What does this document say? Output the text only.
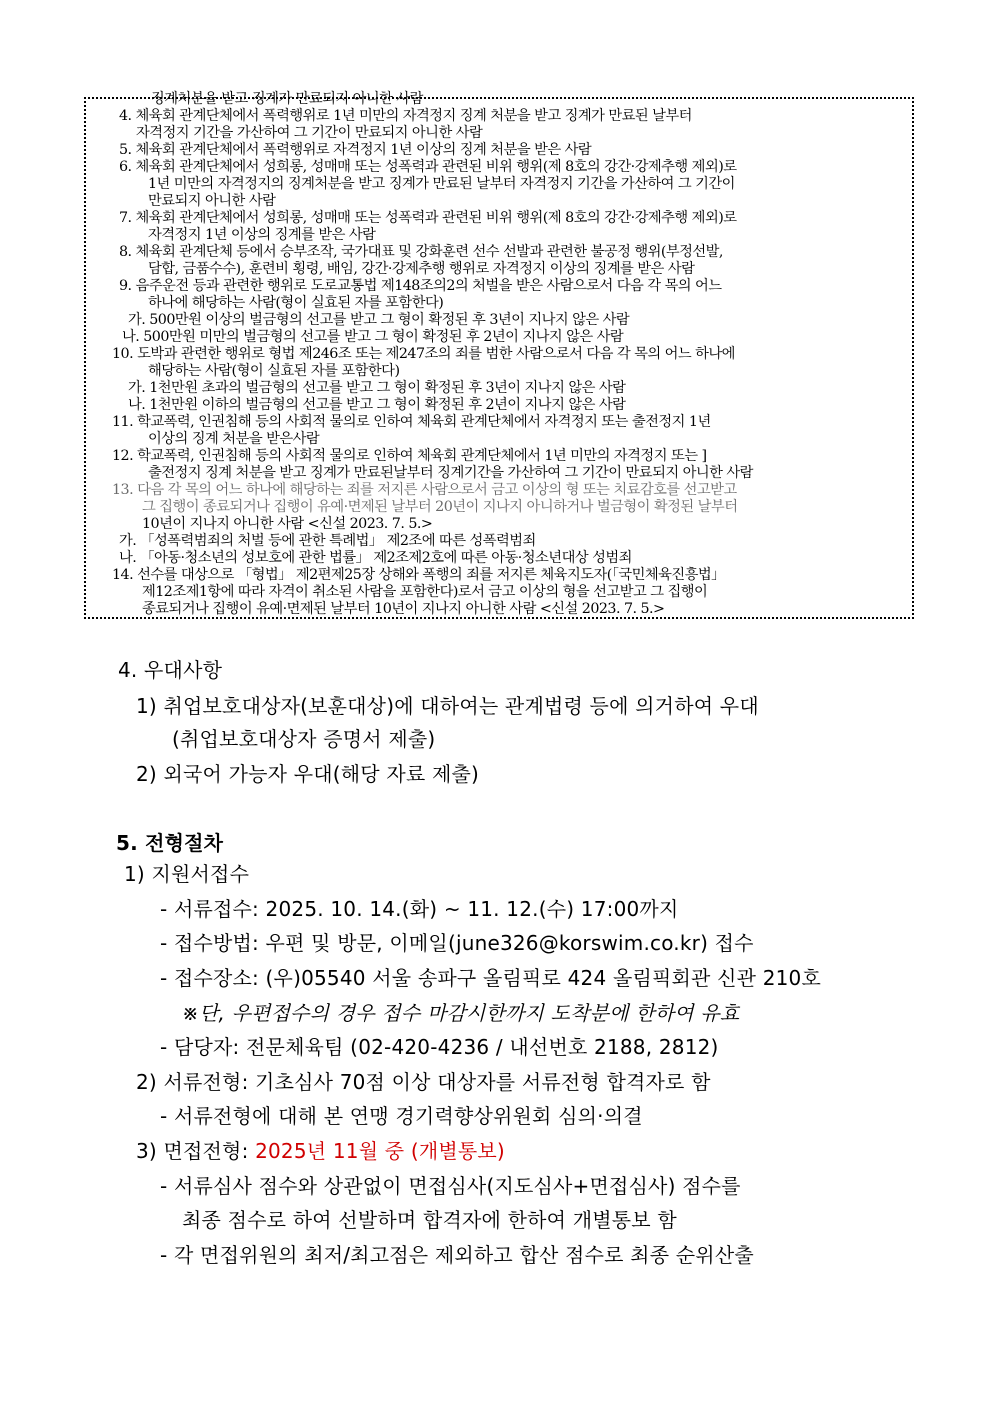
징계처분을 받고 징계가 만료되지 아니한 사람
4. 체육회 관계단체에서 폭력행위로 1년 미만의 자격정지 징계 처분을 받고 징계가 만료된 날부터
자격정지 기간을 가산하여 그 기간이 만료되지 아니한 사람
5. 체육회 관계단체에서 폭력행위로 자격정지 1년 이상의 징계 처분을 받은 사람
6. 체육회 관계단체에서 성희롱, 성매매 또는 성폭력과 관련된 비위 행위(제 8호의 강간·강제추행 제외)로
1년 미만의 자격정지의 징계처분을 받고 징계가 만료된 날부터 자격정지 기간을 가산하여 그 기간이
만료되지 아니한 사람
7. 체육회 관계단체에서 성희롱, 성매매 또는 성폭력과 관련된 비위 행위(제 8호의 강간·강제추행 제외)로
자격정지 1년 이상의 징계를 받은 사람
8. 체육회 관계단체 등에서 승부조작, 국가대표 및 강화훈련 선수 선발과 관련한 불공정 행위(부정선발,
담합, 금품수수), 훈련비 횡령, 배임, 강간·강제추행 행위로 자격정지 이상의 징계를 받은 사람
9. 음주운전 등과 관련한 행위로 도로교통법 제148조의2의 처벌을 받은 사람으로서 다음 각 목의 어느
하나에 해당하는 사람(형이 실효된 자를 포함한다)
가. 500만원 이상의 벌금형의 선고를 받고 그 형이 확정된 후 3년이 지나지 않은 사람
나. 500만원 미만의 벌금형의 선고를 받고 그 형이 확정된 후 2년이 지나지 않은 사람
10. 도박과 관련한 행위로 형법 제246조 또는 제247조의 죄를 범한 사람으로서 다음 각 목의 어느 하나에
해당하는 사람(형이 실효된 자를 포함한다)
가. 1천만원 초과의 벌금형의 선고를 받고 그 형이 확정된 후 3년이 지나지 않은 사람
나. 1천만원 이하의 벌금형의 선고를 받고 그 형이 확정된 후 2년이 지나지 않은 사람
11. 학교폭력, 인권침해 등의 사회적 물의로 인하여 체육회 관계단체에서 자격정지 또는 출전정지 1년
이상의 징계 처분을 받은사람
12. 학교폭력, 인권침해 등의 사회적 물의로 인하여 체육회 관계단체에서 1년 미만의 자격정지 또는 ]
출전정지 징계 처분을 받고 징계가 만료된날부터 징계기간을 가산하여 그 기간이 만료되지 아니한 사람
13. 다음 각 목의 어느 하나에 해당하는 죄를 저지른 사람으로서 금고 이상의 형 또는 치료감호를 선고받고
그 집행이 종료되거나 집행이 유예·면제된 날부터 20년이 지나지 아니하거나 벌금형이 확정된 날부터
10년이 지나지 아니한 사람 <신설 2023. 7. 5.>
가. 「성폭력범죄의 처벌 등에 관한 특례법」 제2조에 따른 성폭력범죄
나. 「아동·청소년의 성보호에 관한 법률」 제2조제2호에 따른 아동·청소년대상 성범죄
14. 선수를 대상으로 「형법」 제2편제25장 상해와 폭행의 죄를 저지른 체육지도자(「국민체육진흥법」
제12조제1항에 따라 자격이 취소된 사람을 포함한다)로서 금고 이상의 형을 선고받고 그 집행이
종료되거나 집행이 유예·면제된 날부터 10년이 지나지 아니한 사람 <신설 2023. 7. 5.>
4. 우대사항
1) 취업보호대상자(보훈대상)에 대하여는 관계법령 등에 의거하여 우대
(취업보호대상자 증명서 제출)
2) 외국어 가능자 우대(해당 자료 제출)
5. 전형절차
1) 지원서접수
- 서류접수: 2025. 10. 14.(화) ~ 11. 12.(수) 17:00까지
- 접수방법: 우편 및 방문, 이메일(june326@korswim.co.kr) 접수
- 접수장소: (우)05540 서울 송파구 올림픽로 424 올림픽회관 신관 210호
※단, 우편접수의 경우 접수 마감시한까지 도착분에 한하여 유효
- 담당자: 전문체육팀 (02-420-4236 / 내선번호 2188, 2812)
2) 서류전형: 기초심사 70점 이상 대상자를 서류전형 합격자로 함
- 서류전형에 대해 본 연맹 경기력향상위원회 심의·의결
3) 면접전형: 2025년 11월 중 (개별통보)
- 서류심사 점수와 상관없이 면접심사(지도심사+면접심사) 점수를
최종 점수로 하여 선발하며 합격자에 한하여 개별통보 함
- 각 면접위원의 최저/최고점은 제외하고 합산 점수로 최종 순위산출
